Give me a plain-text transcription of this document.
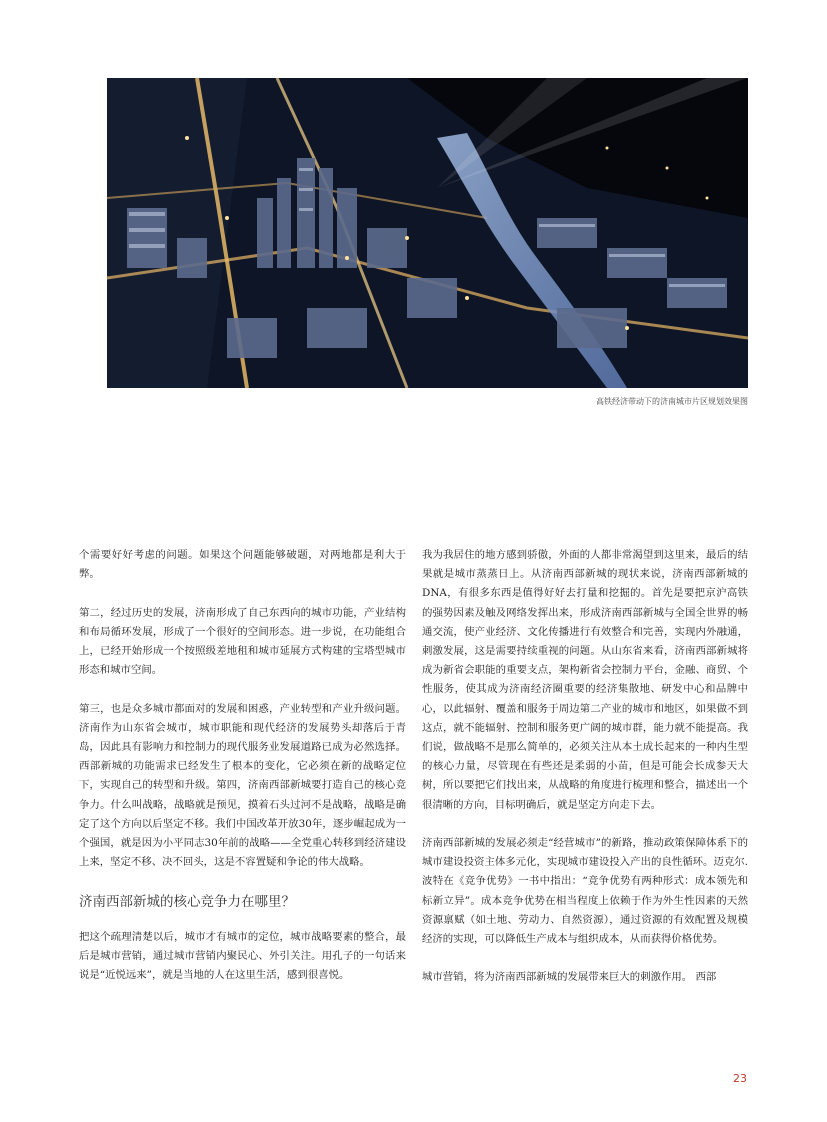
高铁经济带动下的济南城市片区规划效果图

个需要好好考虑的问题。如果这个问题能够破题，对两地都是利大于弊。

第二，经过历史的发展，济南形成了自己东西向的城市功能，产业结构和布局循环发展，形成了一个很好的空间形态。进一步说，在功能组合上，已经开始形成一个按照级差地租和城市延展方式构建的宝塔型城市形态和城市空间。

第三，也是众多城市都面对的发展和困惑，产业转型和产业升级问题。济南作为山东省会城市，城市职能和现代经济的发展势头却落后于青岛，因此具有影响力和控制力的现代服务业发展道路已成为必然选择。西部新城的功能需求已经发生了根本的变化，它必须在新的战略定位下，实现自己的转型和升级。第四，济南西部新城要打造自己的核心竞争力。什么叫战略，战略就是预见，摸着石头过河不是战略，战略是确定了这个方向以后坚定不移。我们中国改革开放30年，逐步崛起成为一个强国，就是因为小平同志30年前的战略——全党重心转移到经济建设上来，坚定不移、决不回头，这是不容置疑和争论的伟大战略。

济南西部新城的核心竞争力在哪里？

把这个疏理清楚以后，城市才有城市的定位，城市战略要素的整合，最后是城市营销，通过城市营销内聚民心、外引关注。用孔子的一句话来说是“近悦远来”，就是当地的人在这里生活，感到很喜悦。

我为我居住的地方感到骄傲，外面的人都非常渴望到这里来，最后的结果就是城市蒸蒸日上。从济南西部新城的现状来说，济南西部新城的DNA，有很多东西是值得好好去打量和挖掘的。首先是要把京沪高铁的强势因素及触及网络发挥出来，形成济南西部新城与全国全世界的畅通交流，使产业经济、文化传播进行有效整合和完善，实现内外融通，刺激发展，这是需要持续重视的问题。从山东省来看，济南西部新城将成为新省会职能的重要支点，架构新省会控制力平台，金融、商贸、个性服务，使其成为济南经济圈重要的经济集散地、研发中心和品牌中心，以此辐射、覆盖和服务于周边第二产业的城市和地区，如果做不到这点，就不能辐射、控制和服务更广阔的城市群，能力就不能提高。我们说，做战略不是那么简单的，必须关注从本土成长起来的一种内生型的核心力量，尽管现在有些还是柔弱的小苗，但是可能会长成参天大树，所以要把它们找出来，从战略的角度进行梳理和整合，描述出一个很清晰的方向，目标明确后，就是坚定方向走下去。

济南西部新城的发展必须走“经营城市”的新路，推动政策保障体系下的城市建设投资主体多元化，实现城市建设投入产出的良性循环。迈克尔.波特在《竞争优势》一书中指出：“竞争优势有两种形式：成本领先和标新立异”。成本竞争优势在相当程度上依赖于作为外生性因素的天然资源禀赋（如土地、劳动力、自然资源），通过资源的有效配置及规模经济的实现，可以降低生产成本与组织成本，从而获得价格优势。

城市营销，将为济南西部新城的发展带来巨大的刺激作用。 西部

23
